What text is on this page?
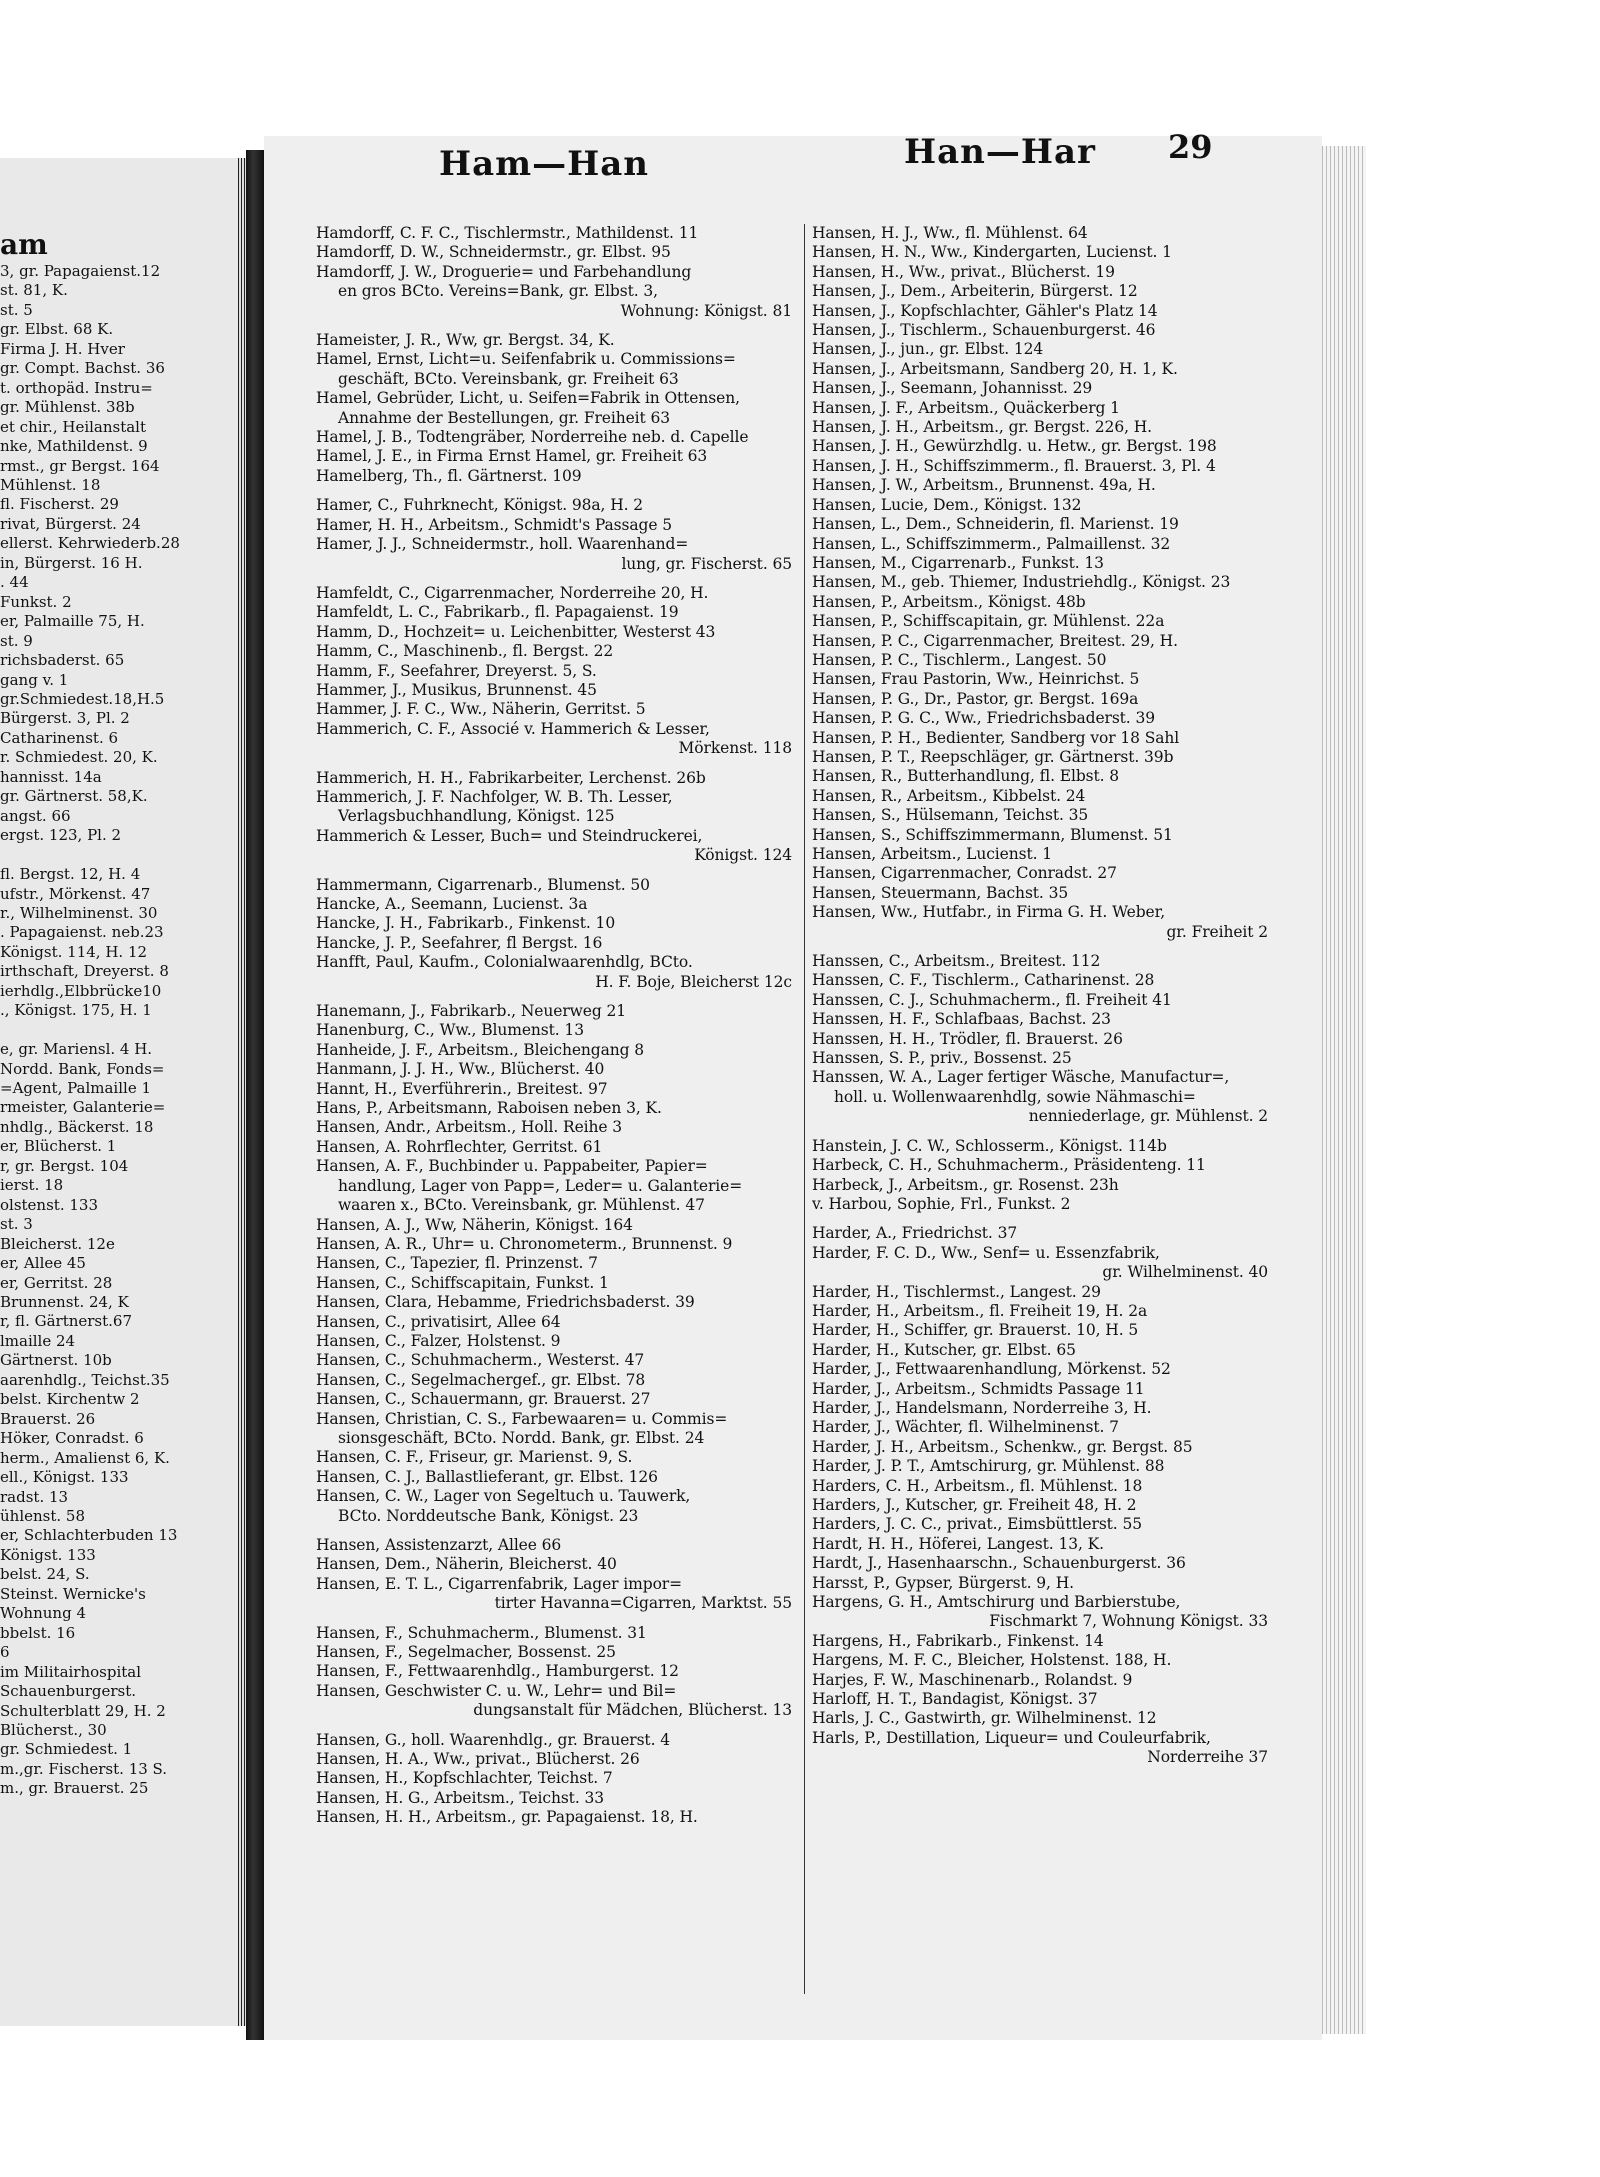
am
3, gr. Papagaienst.12
st. 81, K.
st. 5
gr. Elbst. 68 K.
Firma J. H. Hver
gr. Compt. Bachst. 36
t. orthopäd. Instru=
gr. Mühlenst. 38b
et chir., Heilanstalt
nke, Mathildenst. 9
rmst., gr Bergst. 164
Mühlenst. 18
fl. Fischerst. 29
rivat, Bürgerst. 24
ellerst. Kehrwiederb.28
in, Bürgerst. 16 H.
. 44
Funkst. 2
er, Palmaille 75, H.
st. 9
richsbaderst. 65
gang v. 1
gr.Schmiedest.18,H.5
Bürgerst. 3, Pl. 2
Catharinenst. 6
r. Schmiedest. 20, K.
hannisst. 14a
gr. Gärtnerst. 58,K.
angst. 66
ergst. 123, Pl. 2

fl. Bergst. 12, H. 4
ufstr., Mörkenst. 47
r., Wilhelminenst. 30
. Papagaienst. neb.23
Königst. 114, H. 12
irthschaft, Dreyerst. 8
ierhdlg.,Elbbrücke10
., Königst. 175, H. 1

e, gr. Mariensl. 4 H.
Nordd. Bank, Fonds=
=Agent, Palmaille 1
rmeister, Galanterie=
nhdlg., Bäckerst. 18
er, Blücherst. 1
r, gr. Bergst. 104
ierst. 18
olstenst. 133
st. 3
Bleicherst. 12e
er, Allee 45
er, Gerritst. 28
Brunnenst. 24, K
r, fl. Gärtnerst.67
lmaille 24
Gärtnerst. 10b
aarenhdlg., Teichst.35
belst. Kirchentw 2
Brauerst. 26
Höker, Conradst. 6
herm., Amalienst 6, K.
ell., Königst. 133
radst. 13
ühlenst. 58
er, Schlachterbuden 13
Königst. 133
belst. 24, S.
Steinst. Wernicke's
Wohnung 4
bbelst. 16
6
im Militairhospital
Schauenburgerst.
Schulterblatt 29, H. 2
Blücherst., 30
gr. Schmiedest. 1
m.,gr. Fischerst. 13 S.
m., gr. Brauerst. 25
Ham—Han	Han—Har 29
Hamdorff, C. F. C., Tischlermstr., Mathildenst. 11
Hamdorff, D. W., Schneidermstr., gr. Elbst. 95
Hamdorff, J. W., Droguerie= und Farbehandlung
en gros BCto. Vereins=Bank, gr. Elbst. 3,
Wohnung: Königst. 81
Hameister, J. R., Ww, gr. Bergst. 34, K.
Hamel, Ernst, Licht=u. Seifenfabrik u. Commissions=
geschäft, BCto. Vereinsbank, gr. Freiheit 63
Hamel, Gebrüder, Licht, u. Seifen=Fabrik in Ottensen,
Annahme der Bestellungen, gr. Freiheit 63
Hamel, J. B., Todtengräber, Norderreihe neb. d. Capelle
Hamel, J. E., in Firma Ernst Hamel, gr. Freiheit 63
Hamelberg, Th., fl. Gärtnerst. 109
Hamer, C., Fuhrknecht, Königst. 98a, H. 2
Hamer, H. H., Arbeitsm., Schmidt's Passage 5
Hamer, J. J., Schneidermstr., holl. Waarenhand=
lung, gr. Fischerst. 65
Hamfeldt, C., Cigarrenmacher, Norderreihe 20, H.
Hamfeldt, L. C., Fabrikarb., fl. Papagaienst. 19
Hamm, D., Hochzeit= u. Leichenbitter, Westerst 43
Hamm, C., Maschinenb., fl. Bergst. 22
Hamm, F., Seefahrer, Dreyerst. 5, S.
Hammer, J., Musikus, Brunnenst. 45
Hammer, J. F. C., Ww., Näherin, Gerritst. 5
Hammerich, C. F., Associé v. Hammerich & Lesser,
Mörkenst. 118
Hammerich, H. H., Fabrikarbeiter, Lerchenst. 26b
Hammerich, J. F. Nachfolger, W. B. Th. Lesser,
Verlagsbuchhandlung, Königst. 125
Hammerich & Lesser, Buch= und Steindruckerei,
Königst. 124
Hammermann, Cigarrenarb., Blumenst. 50
Hancke, A., Seemann, Lucienst. 3a
Hancke, J. H., Fabrikarb., Finkenst. 10
Hancke, J. P., Seefahrer, fl Bergst. 16
Hanfft, Paul, Kaufm., Colonialwaarenhdlg, BCto.
H. F. Boje, Bleicherst 12c
Hanemann, J., Fabrikarb., Neuerweg 21
Hanenburg, C., Ww., Blumenst. 13
Hanheide, J. F., Arbeitsm., Bleichengang 8
Hanmann, J. J. H., Ww., Blücherst. 40
Hannt, H., Everführerin., Breitest. 97
Hans, P., Arbeitsmann, Raboisen neben 3, K.
Hansen, Andr., Arbeitsm., Holl. Reihe 3
Hansen, A. Rohrflechter, Gerritst. 61
Hansen, A. F., Buchbinder u. Pappabeiter, Papier=
handlung, Lager von Papp=, Leder= u. Galanterie=
waaren x., BCto. Vereinsbank, gr. Mühlenst. 47
Hansen, A. J., Ww, Näherin, Königst. 164
Hansen, A. R., Uhr= u. Chronometerm., Brunnenst. 9
Hansen, C., Tapezier, fl. Prinzenst. 7
Hansen, C., Schiffscapitain, Funkst. 1
Hansen, Clara, Hebamme, Friedrichsbaderst. 39
Hansen, C., privatisirt, Allee 64
Hansen, C., Falzer, Holstenst. 9
Hansen, C., Schuhmacherm., Westerst. 47
Hansen, C., Segelmachergef., gr. Elbst. 78
Hansen, C., Schauermann, gr. Brauerst. 27
Hansen, Christian, C. S., Farbewaaren= u. Commis=
sionsgeschäft, BCto. Nordd. Bank, gr. Elbst. 24
Hansen, C. F., Friseur, gr. Marienst. 9, S.
Hansen, C. J., Ballastlieferant, gr. Elbst. 126
Hansen, C. W., Lager von Segeltuch u. Tauwerk,
BCto. Norddeutsche Bank, Königst. 23
Hansen, Assistenzarzt, Allee 66
Hansen, Dem., Näherin, Bleicherst. 40
Hansen, E. T. L., Cigarrenfabrik, Lager impor=
tirter Havanna=Cigarren, Marktst. 55
Hansen, F., Schuhmacherm., Blumenst. 31
Hansen, F., Segelmacher, Bossenst. 25
Hansen, F., Fettwaarenhdlg., Hamburgerst. 12
Hansen, Geschwister C. u. W., Lehr= und Bil=
dungsanstalt für Mädchen, Blücherst. 13
Hansen, G., holl. Waarenhdlg., gr. Brauerst. 4
Hansen, H. A., Ww., privat., Blücherst. 26
Hansen, H., Kopfschlachter, Teichst. 7
Hansen, H. G., Arbeitsm., Teichst. 33
Hansen, H. H., Arbeitsm., gr. Papagaienst. 18, H.
Hansen, H. J., Ww., fl. Mühlenst. 64
Hansen, H. N., Ww., Kindergarten, Lucienst. 1
Hansen, H., Ww., privat., Blücherst. 19
Hansen, J., Dem., Arbeiterin, Bürgerst. 12
Hansen, J., Kopfschlachter, Gähler's Platz 14
Hansen, J., Tischlerm., Schauenburgerst. 46
Hansen, J., jun., gr. Elbst. 124
Hansen, J., Arbeitsmann, Sandberg 20, H. 1, K.
Hansen, J., Seemann, Johannisst. 29
Hansen, J. F., Arbeitsm., Quäckerberg 1
Hansen, J. H., Arbeitsm., gr. Bergst. 226, H.
Hansen, J. H., Gewürzhdlg. u. Hetw., gr. Bergst. 198
Hansen, J. H., Schiffszimmerm., fl. Brauerst. 3, Pl. 4
Hansen, J. W., Arbeitsm., Brunnenst. 49a, H.
Hansen, Lucie, Dem., Königst. 132
Hansen, L., Dem., Schneiderin, fl. Marienst. 19
Hansen, L., Schiffszimmerm., Palmaillenst. 32
Hansen, M., Cigarrenarb., Funkst. 13
Hansen, M., geb. Thiemer, Industriehdlg., Königst. 23
Hansen, P., Arbeitsm., Königst. 48b
Hansen, P., Schiffscapitain, gr. Mühlenst. 22a
Hansen, P. C., Cigarrenmacher, Breitest. 29, H.
Hansen, P. C., Tischlerm., Langest. 50
Hansen, Frau Pastorin, Ww., Heinrichst. 5
Hansen, P. G., Dr., Pastor, gr. Bergst. 169a
Hansen, P. G. C., Ww., Friedrichsbaderst. 39
Hansen, P. H., Bedienter, Sandberg vor 18 Sahl
Hansen, P. T., Reepschläger, gr. Gärtnerst. 39b
Hansen, R., Butterhandlung, fl. Elbst. 8
Hansen, R., Arbeitsm., Kibbelst. 24
Hansen, S., Hülsemann, Teichst. 35
Hansen, S., Schiffszimmermann, Blumenst. 51
Hansen, Arbeitsm., Lucienst. 1
Hansen, Cigarrenmacher, Conradst. 27
Hansen, Steuermann, Bachst. 35
Hansen, Ww., Hutfabr., in Firma G. H. Weber,
gr. Freiheit 2
Hanssen, C., Arbeitsm., Breitest. 112
Hanssen, C. F., Tischlerm., Catharinenst. 28
Hanssen, C. J., Schuhmacherm., fl. Freiheit 41
Hanssen, H. F., Schlafbaas, Bachst. 23
Hanssen, H. H., Trödler, fl. Brauerst. 26
Hanssen, S. P., priv., Bossenst. 25
Hanssen, W. A., Lager fertiger Wäsche, Manufactur=,
holl. u. Wollenwaarenhdlg, sowie Nähmaschi=
nenniederlage, gr. Mühlenst. 2
Hanstein, J. C. W., Schlosserm., Königst. 114b
Harbeck, C. H., Schuhmacherm., Präsidenteng. 11
Harbeck, J., Arbeitsm., gr. Rosenst. 23h
v. Harbou, Sophie, Frl., Funkst. 2
Harder, A., Friedrichst. 37
Harder, F. C. D., Ww., Senf= u. Essenzfabrik,
gr. Wilhelminenst. 40
Harder, H., Tischlermst., Langest. 29
Harder, H., Arbeitsm., fl. Freiheit 19, H. 2a
Harder, H., Schiffer, gr. Brauerst. 10, H. 5
Harder, H., Kutscher, gr. Elbst. 65
Harder, J., Fettwaarenhandlung, Mörkenst. 52
Harder, J., Arbeitsm., Schmidts Passage 11
Harder, J., Handelsmann, Norderreihe 3, H.
Harder, J., Wächter, fl. Wilhelminenst. 7
Harder, J. H., Arbeitsm., Schenkw., gr. Bergst. 85
Harder, J. P. T., Amtschirurg, gr. Mühlenst. 88
Harders, C. H., Arbeitsm., fl. Mühlenst. 18
Harders, J., Kutscher, gr. Freiheit 48, H. 2
Harders, J. C. C., privat., Eimsbüttlerst. 55
Hardt, H. H., Höferei, Langest. 13, K.
Hardt, J., Hasenhaarschn., Schauenburgerst. 36
Harsst, P., Gypser, Bürgerst. 9, H.
Hargens, G. H., Amtschirurg und Barbierstube,
Fischmarkt 7, Wohnung Königst. 33
Hargens, H., Fabrikarb., Finkenst. 14
Hargens, M. F. C., Bleicher, Holstenst. 188, H.
Harjes, F. W., Maschinenarb., Rolandst. 9
Harloff, H. T., Bandagist, Königst. 37
Harls, J. C., Gastwirth, gr. Wilhelminenst. 12
Harls, P., Destillation, Liqueur= und Couleurfabrik,
Norderreihe 37
